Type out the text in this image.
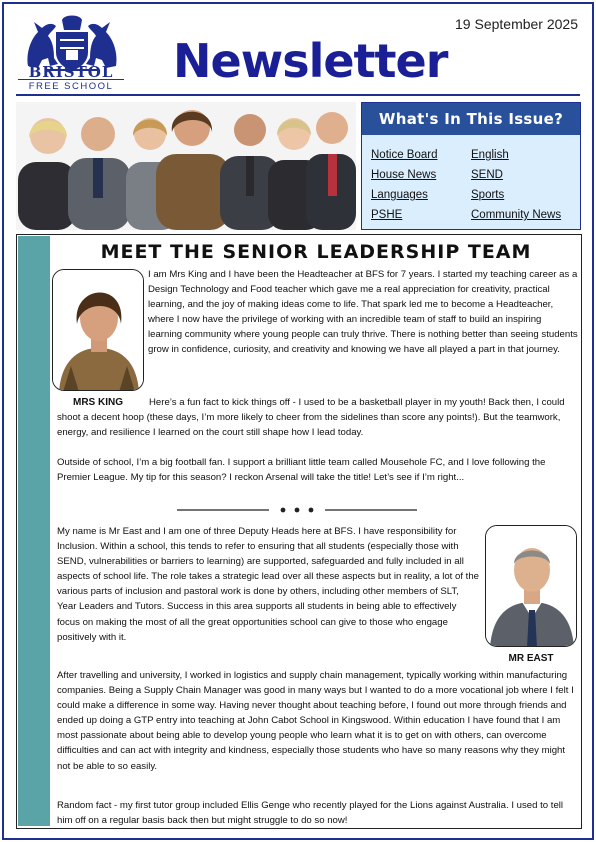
BRISTOL
FREE SCHOOL Newsletter
19 September 2025
What's In This Issue?
Notice Board	English
House News	SEND
Languages	Sports
PSHE	Community News
MEET THE SENIOR LEADERSHIP TEAM
MRS KING
I am Mrs King and I have been the Headteacher at BFS for 7 years. I started my teaching career as a Design Technology and Food teacher which gave me a real appreciation for creativity, practical learning, and the joy of making ideas come to life. That spark led me to become a Headteacher, where I now have the privilege of working with an incredible team of staff to build an inspiring learning community where young people can truly thrive. There is nothing better than seeing students grow in confidence, curiosity, and creativity and knowing we have all played a part in that journey.
Here’s a fun fact to kick things off - I used to be a basketball player in my youth! Back then, I could shoot a decent hoop (these days, I’m more likely to cheer from the sidelines than score any points!). But the teamwork, energy, and resilience I learned on the court still shape how I lead today.
Outside of school, I’m a big football fan. I support a brilliant little team called Mousehole FC, and I love following the Premier League. My tip for this season? I reckon Arsenal will take the title! Let’s see if I’m right...
My name is Mr East and I am one of three Deputy Heads here at BFS. I have responsibility for Inclusion. Within a school, this tends to refer to ensuring that all students (especially those with SEND, vulnerabilities or barriers to learning) are supported, safeguarded and fully included in all aspects of school life. The role takes a strategic lead over all these aspects but in reality, a lot of the various parts of inclusion and pastoral work is done by others, including other members of SLT, Year Leaders and Tutors. Success in this area supports all students in being able to effectively focus on making the most of all the great opportunities school can give to those who engage positively with it.
MR EAST
After travelling and university, I worked in logistics and supply chain management, typically working within manufacturing companies. Being a Supply Chain Manager was good in many ways but I wanted to do a more vocational job where I felt I could make a difference in some way. Having never thought about teaching before, I found out more through friends and ended up doing a GTP entry into teaching at John Cabot School in Kingswood. Within education I have found that I am most passionate about being able to develop young people who learn what it is to get on with others, can overcome difficulties and can act with integrity and kindness, especially those students who have so many reasons why they might not be able to so easily.
Random fact - my first tutor group included Ellis Genge who recently played for the Lions against Australia. I used to tell him off on a regular basis back then but might struggle to do so now!
